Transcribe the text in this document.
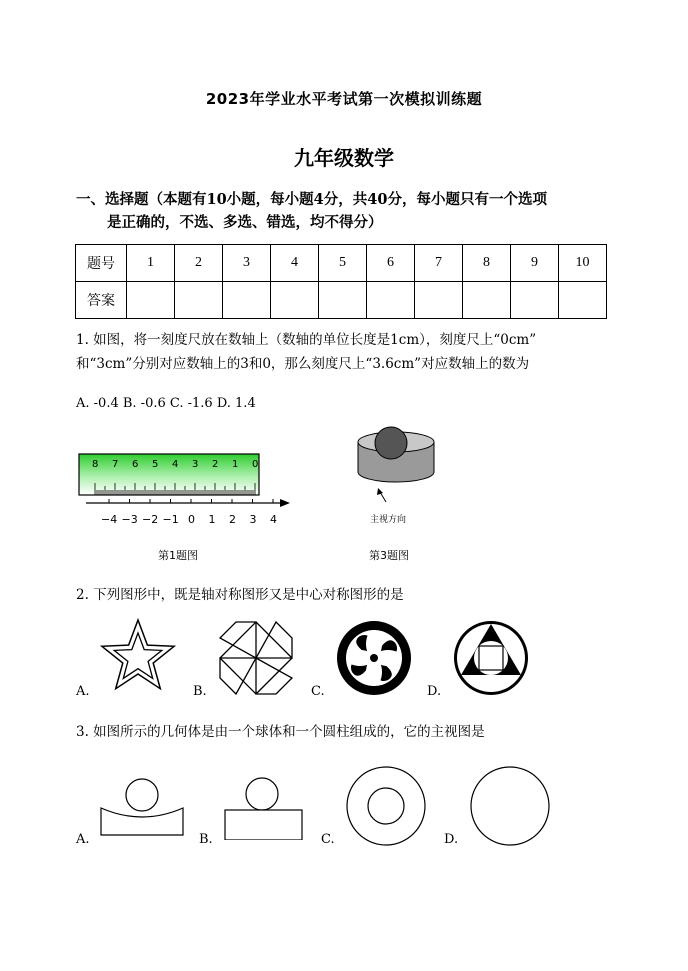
2023年学业水平考试第一次模拟训练题
九年级数学
一、选择题（本题有10小题，每小题4分，共40分，每小题只有一个选项
是正确的，不选、多选、错选，均不得分）
题号	1	2	3	4	5	6	7	8	9	10
答案										
1. 如图，将一刻度尺放在数轴上（数轴的单位长度是1cm），刻度尺上“0cm”
和“3cm”分别对应数轴上的3和0，那么刻度尺上“3.6cm”对应数轴上的数为
A. -0.4 B. -0.6 C. -1.6 D. 1.4
8 7 6 5 4 3 2 1 0
−4 −3 −2 −1 0 1 2 3 4
第1题图
主视方向
第3题图
2. 下列图形中，既是轴对称图形又是中心对称图形的是
A.	B.	C.	D.
3. 如图所示的几何体是由一个球体和一个圆柱组成的，它的主视图是
A.	B.	C.	D.
